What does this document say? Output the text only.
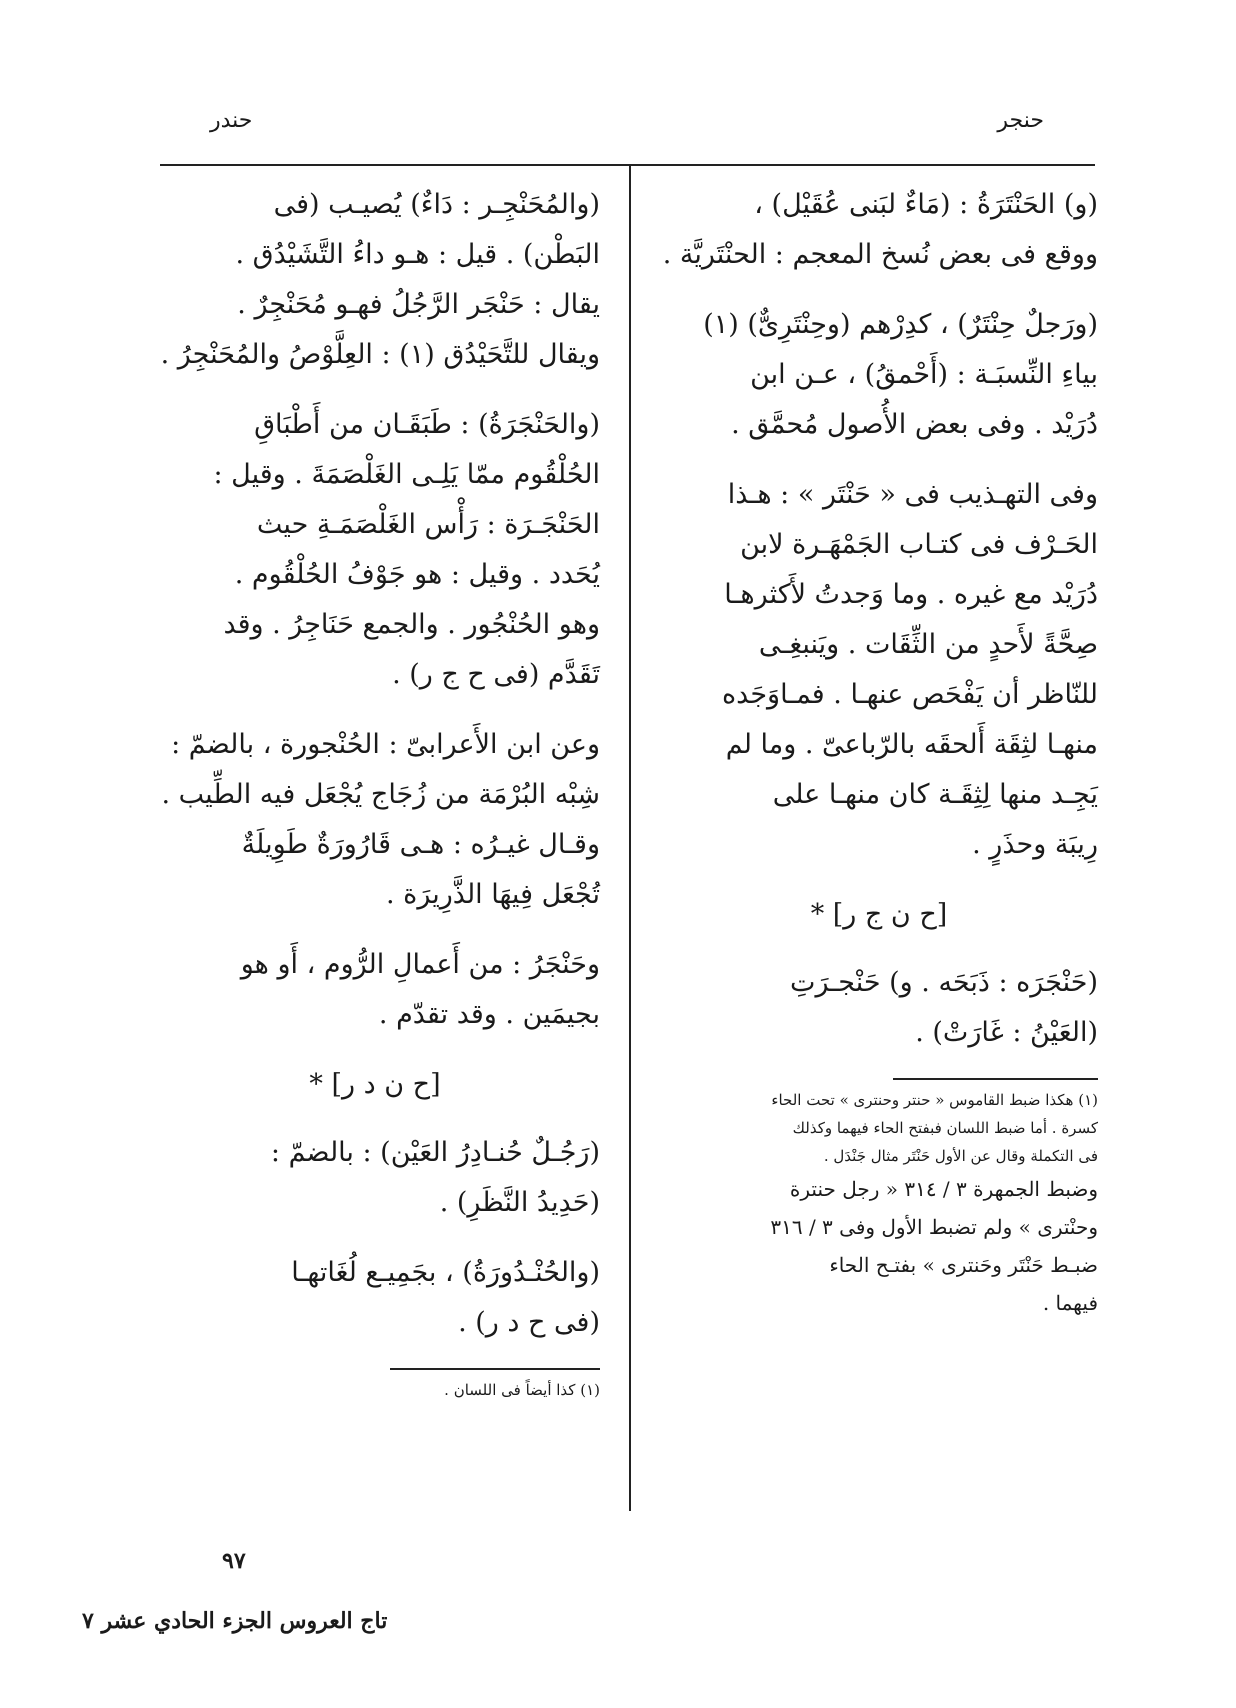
حندر	حنجر
(و) الحَنْتَرَةُ : (مَاءٌ لبَنى عُقَيْل) ،
ووقع فى بعض نُسخ المعجم : الحنْتَريَّة .
(ورَجلٌ حِنْتَرٌ) ، كدِرْهم (وحِنْتَرِىٌّ) (١)
بياءِ النِّسبَـة : (أَحْمقُ) ، عـن ابن
دُرَيْد . وفى بعض الأُصول مُحمَّق .
وفى التهـذيب فى « حَنْتَر » : هـذا
الحَـرْف فى كتـاب الجَمْهَـرة لابن
دُرَيْد مع غيره . وما وَجدتُ لأَكثرهـا
صِحَّةً لأَحدٍ من الثِّقَات . ويَنبغِـى
للنّاظر أن يَفْحَص عنهـا . فمـاوَجَده
منهـا لثِقَة أَلحقَه بالرّباعىّ . وما لم
يَجِـد منها لِثِقَـة كان منهـا على
رِيبَة وحذَرٍ .
[ح ن ج ر] *
(حَنْجَرَه : ذَبَحَه . و) حَنْجـرَتِ
(العَيْنُ : غَارَتْ) .
(١) هكذا ضبط القاموس « حنتر وحنترى » تحت الحاء
كسرة . أما ضبط اللسان فبفتح الحاء فيهما وكذلك
فى التكملة وقال عن الأول حَنْتَر مثال جَنْدَل .
وضبط الجمهرة ٣ / ٣١٤ « رجل حنترة
وحنْترى » ولم تضبط الأول وفى ٣ / ٣١٦
ضبـط حَنْتَر وحَنترى » بفتـح الحاء
فيهما .
(والمُحَنْجِـر : دَاءٌ) يُصيـب (فى
البَطْن) . قيل : هـو داءُ التَّشَيْدُق .
يقال : حَنْجَر الرَّجُلُ فهـو مُحَنْجِرٌ .
ويقال للتَّحَيْدُق (١) : العِلَّوْصُ والمُحَنْجِرُ .
(والحَنْجَرَةُ) : طَبَقَـان من أَطْبَاقِ
الحُلْقُوم ممّا يَلِـى الغَلْصَمَةَ . وقيل :
الحَنْجَـرَة : رَأْس الغَلْصَمَـةِ حيث
يُحَدد . وقيل : هو جَوْفُ الحُلْقُوم .
وهو الحُنْجُور . والجمع حَنَاجِرُ . وقد
تَقَدَّم (فى ح ج ر) .
وعن ابن الأَعرابىّ : الحُنْجورة ، بالضمّ :
شِبْه البُرْمَة من زُجَاج يُجْعَل فيه الطِّيب .
وقـال غيـرُه : هـى قَارُورَةٌ طَوِيلَةٌ
تُجْعَل فِيهَا الذَّرِيرَة .
وحَنْجَرُ : من أَعمالِ الرُّوم ، أَو هو
بجيمَين . وقد تقدّم .
[ح ن د ر] *
(رَجُـلٌ حُنـادِرُ العَيْن) : بالضمّ :
(حَدِيدُ النَّظَرِ) .
(والحُنْـدُورَةُ) ، بجَمِيـع لُغَاتهـا
(فى ح د ر) .
(١) كذا أيضاً فى اللسان .
٩٧
تاج العروس الجزء الحادي عشر ٧
